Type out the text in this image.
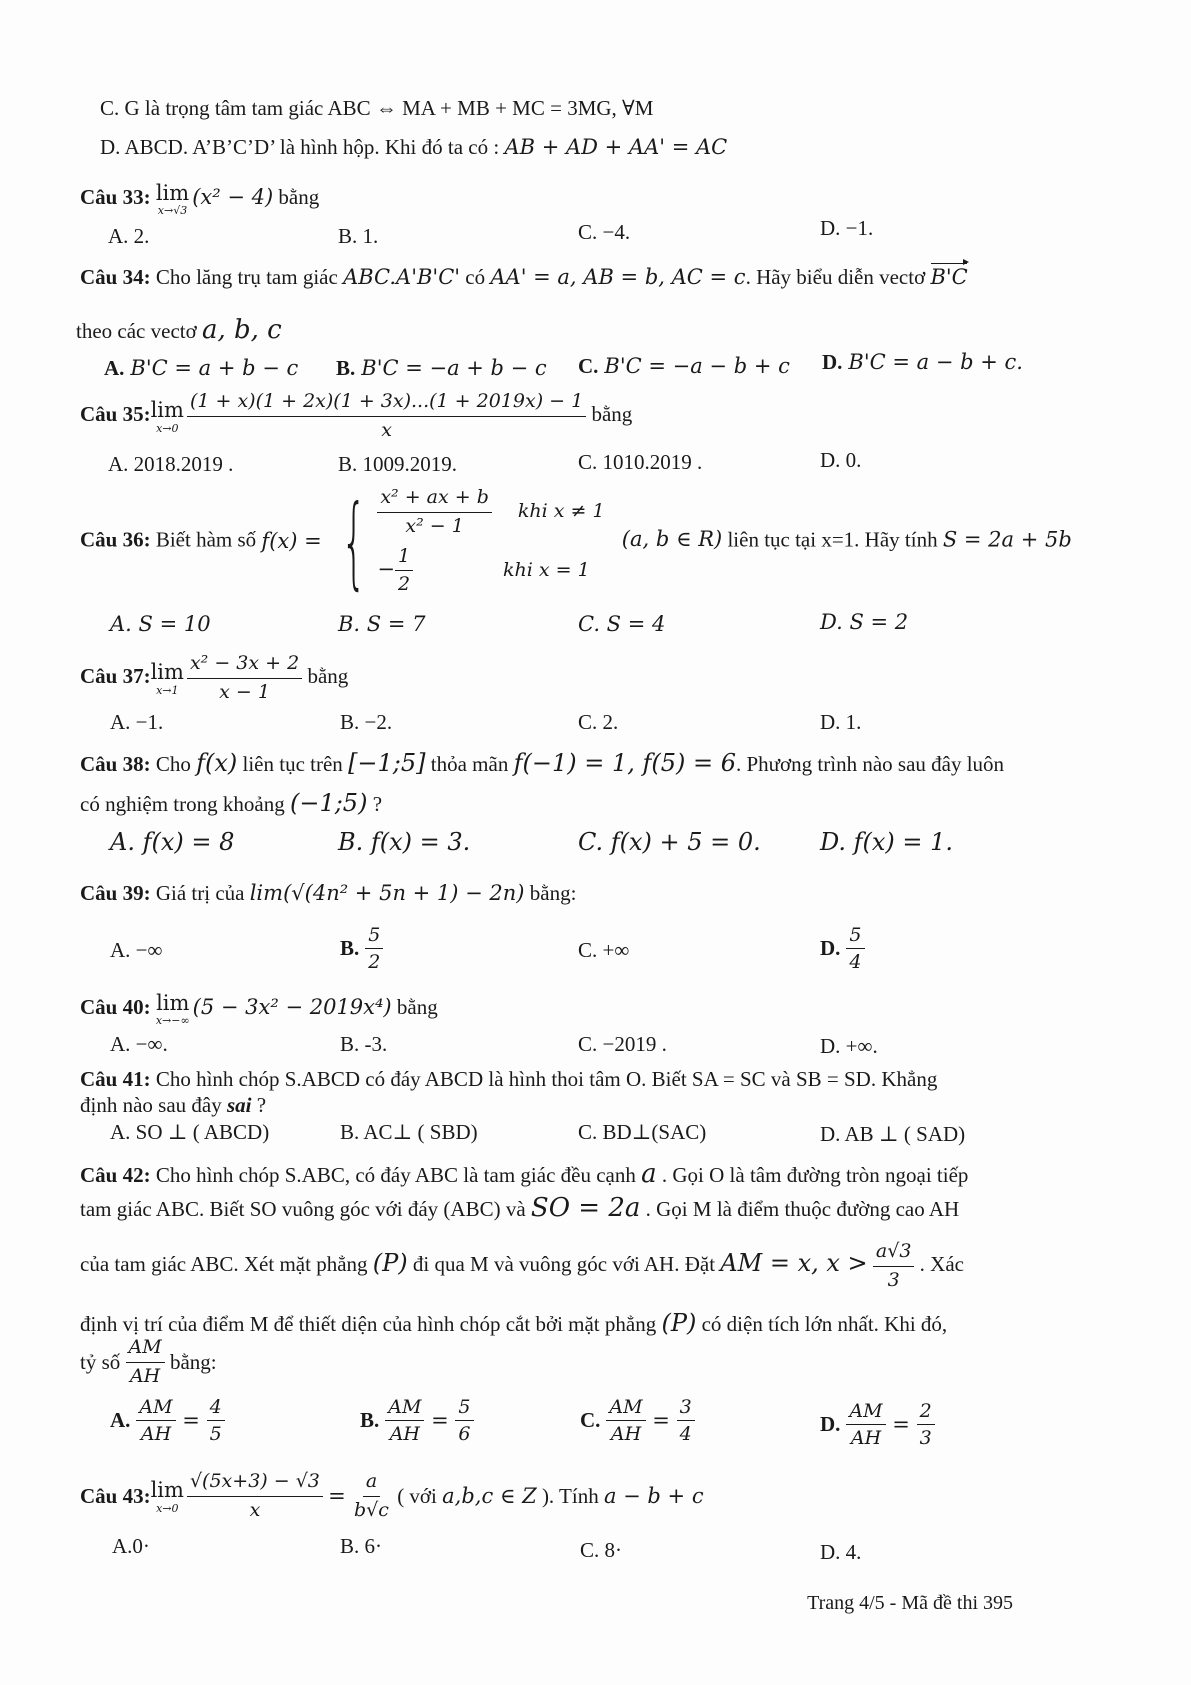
C. G là trọng tâm tam giác ABC ⇔ MA + MB + MC = 3MG, ∀M
D. ABCD. A’B’C’D’ là hình hộp. Khi đó ta có : AB + AD + AA' = AC
Câu 33: lim
x→√3
(x² − 4) bằng
A. 2.	B. 1.	C. −4.	D. −1.
Câu 34: Cho lăng trụ tam giác ABC.A'B'C' có AA' = a, AB = b, AC = c. Hãy biểu diễn vectơ B'C
theo các vectơ a, b, c
A. B'C = a + b − c B. B'C = −a + b − c C. B'C = −a − b + c D. B'C = a − b + c.
Câu 35: lim
$x\to 0 \frac{(1 + x)(1 + 2x)(1 + 3x)...(1 + 2019x) - 1}{x}$ bằng
A. 2018.2019 .	B. 1009.2019.	C. 1010.2019 .	D. 0.
Câu 36: Biết hàm số f(x) = { $\frac{\text{x² + ax + b}}{\text{x² − 1}}$ khi x ≠ 1
− $\frac{1}{2}$	khi x = 1
(a, b ∈ R) liên tục tại x=1. Hãy tính S = 2a + 5b
A. S = 10	B. S = 7	C. S = 4	D. S = 2
Câu 37: lim
$x\to 1 \frac{\text{x² − 3x + 2}}{x - 1}$ bằng
A. −1.	B. −2.	C. 2.	D. 1.
Câu 38: Cho f(x) liên tục trên [−1;5] thỏa mãn f(−1) = 1, f(5) = 6. Phương trình nào sau đây luôn
có nghiệm trong khoảng (−1;5) ?
A. f(x) = 8	B. f(x) = 3.	C. f(x) + 5 = 0. D. f(x) = 1.
Câu 39: Giá trị của lim(√(4n² + 5n + 1) − 2n) bằng:
A. −∞	B. $\frac{5}{2}$	C. +∞	D. $\frac{5}{4}$
Câu 40: lim
x→−∞
(5 − 3x² − 2019x⁴) bằng
A. −∞.	B. -3.	C. −2019 .	D. +∞.
Câu 41: Cho hình chóp S.ABCD có đáy ABCD là hình thoi tâm O. Biết SA = SC và SB = SD. Khẳng
định nào sau đây sai ?
A. SO ⊥ ( ABCD)	B. AC⊥ ( SBD)	C. BD⊥(SAC)	D. AB ⊥ ( SAD)
Câu 42: Cho hình chóp S.ABC, có đáy ABC là tam giác đều cạnh a . Gọi O là tâm đường tròn ngoại tiếp
tam giác ABC. Biết SO vuông góc với đáy (ABC) và SO = 2a . Gọi M là điểm thuộc đường cao AH
của tam giác ABC. Xét mặt phẳng (P) đi qua M và vuông góc với AH. Đặt AM = x, $x > \frac{a√3}{3}$ . Xác
định vị trí của điểm M để thiết diện của hình chóp cắt bởi mặt phẳng (P) có diện tích lớn nhất. Khi đó,
tỷ số $\frac{AM}{AH}$ bằng:
A. $\frac{AM}{AH} = \frac{4}{5}$	B. $\frac{AM}{AH} = \frac{5}{6}$	C. $\frac{AM}{AH} = \frac{3}{4}$	D. $\frac{AM}{AH} = \frac{2}{3}$
Câu 43: lim
$x\to 0 \frac{√(5x+3) - √3}{x} = \frac{a}{b√c}$ ( với a,b,c ∈ Z ). Tính a − b + c
A.0·	B. 6·	C. 8·	D. 4.
Trang 4/5 - Mã đề thi 395
